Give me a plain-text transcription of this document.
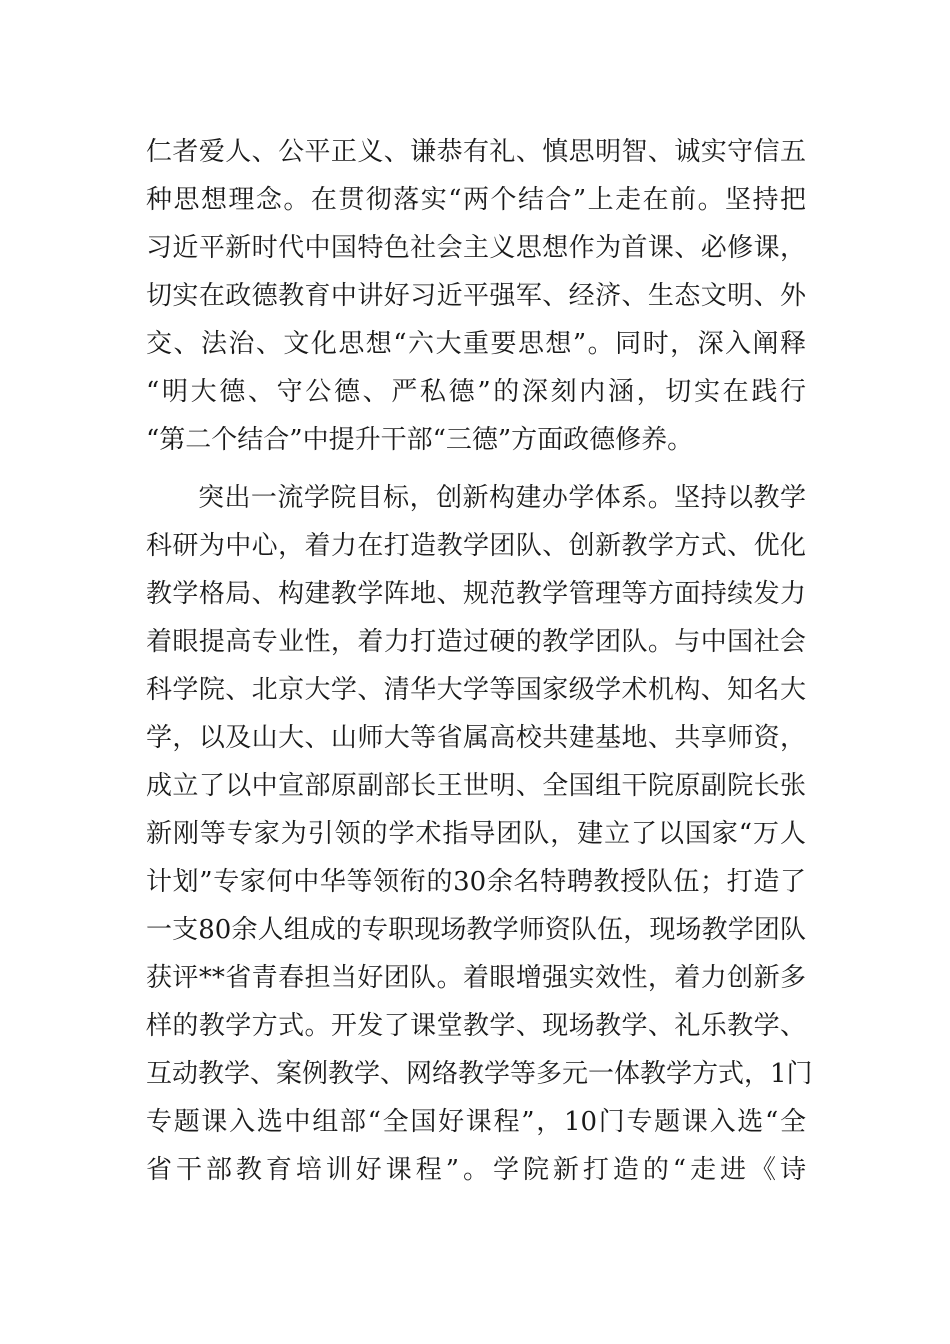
仁者爱人、公平正义、谦恭有礼、慎思明智、诚实守信五
种思想理念。在贯彻落实“两个结合”上走在前。坚持把
习近平新时代中国特色社会主义思想作为首课、必修课，
切实在政德教育中讲好习近平强军、经济、生态文明、外
交、法治、文化思想“六大重要思想”。同时，深入阐释
“明大德、守公德、严私德”的深刻内涵，切实在践行
“第二个结合”中提升干部“三德”方面政德修养。
突出一流学院目标，创新构建办学体系。坚持以教学
科研为中心，着力在打造教学团队、创新教学方式、优化
教学格局、构建教学阵地、规范教学管理等方面持续发力
着眼提高专业性，着力打造过硬的教学团队。与中国社会
科学院、北京大学、清华大学等国家级学术机构、知名大
学，以及山大、山师大等省属高校共建基地、共享师资，
成立了以中宣部原副部长王世明、全国组干院原副院长张
新刚等专家为引领的学术指导团队，建立了以国家“万人
计划”专家何中华等领衔的30余名特聘教授队伍；打造了
一支80余人组成的专职现场教学师资队伍，现场教学团队
获评**省青春担当好团队。着眼增强实效性，着力创新多
样的教学方式。开发了课堂教学、现场教学、礼乐教学、
互动教学、案例教学、网络教学等多元一体教学方式，1门
专题课入选中组部“全国好课程”，10门专题课入选“全
省干部教育培训好课程”。学院新打造的“走进《诗
